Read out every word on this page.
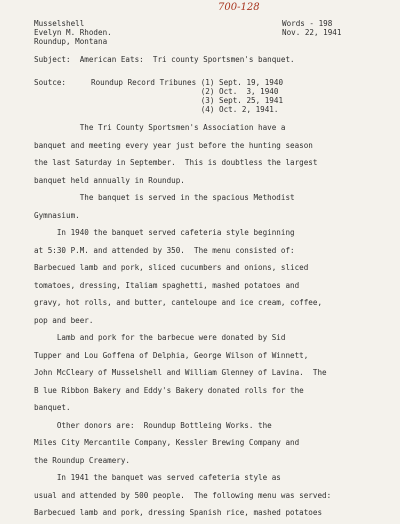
700-128
Musselshell
Evelyn M. Rhoden.
Roundup, Montana
Words - 198
Nov. 22, 1941
Subject:  American Eats:  Tri county Sportsmen's banquet.
Soutce:	Roundup Record Tribunes (1) Sept. 19, 1940
(2) Oct.  3, 1940
(3) Sept. 25, 1941
(4) Oct. 2, 1941.
The Tri County Sportsmen's Association have a
banquet and meeting every year just before the hunting season
the last Saturday in September.  This is doubtless the largest
banquet held annually in Roundup.
The banquet is served in the spacious Methodist
Gymnasium.
In 1940 the banquet served cafeteria style beginning
at 5:30 P.M. and attended by 350.  The menu consisted of:
Barbecued lamb and pork, sliced cucumbers and onions, sliced
tomatoes, dressing, Italiam spaghetti, mashed potatoes and
gravy, hot rolls, and butter, canteloupe and ice cream, coffee,
pop and beer.
Lamb and pork for the barbecue were donated by Sid
Tupper and Lou Goffena of Delphia, George Wilson of Winnett,
John McCleary of Musselshell and William Glenney of Lavina.  The
B lue Ribbon Bakery and Eddy's Bakery donated rolls for the
banquet.
Other donors are:  Roundup Bottleing Works. the
Miles City Mercantile Company, Kessler Brewing Company and
the Roundup Creamery.
In 1941 the banquet was served cafeteria style as
usual and attended by 500 people.  The following menu was served:
Barbecued lamb and pork, dressing Spanish rice, mashed potatoes
